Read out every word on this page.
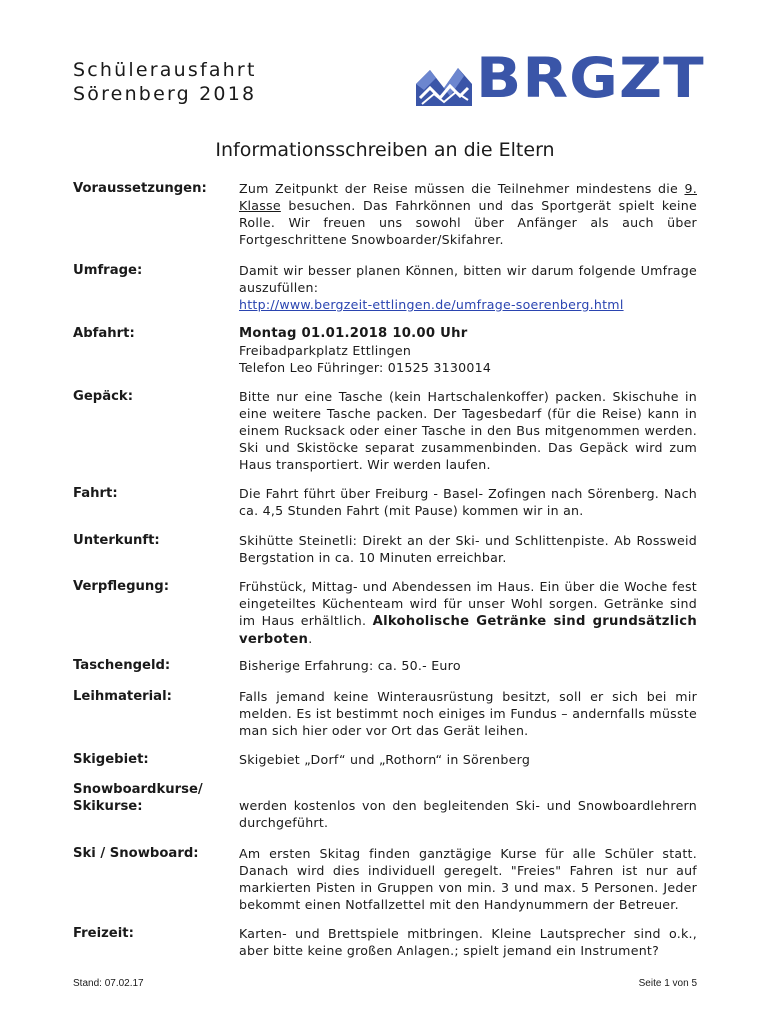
Schülerausfahrt
Sörenberg 2018	BRGZT
Informationsschreiben an die Eltern
Voraussetzungen:	Zum Zeitpunkt der Reise müssen die Teilnehmer mindestens die 9. Klasse besuchen. Das Fahrkönnen und das Sportgerät spielt keine Rolle. Wir freuen uns sowohl über Anfänger als auch über Fortgeschrittene Snowboarder/Skifahrer.

Umfrage:	Damit wir besser planen Können, bitten wir darum folgende Umfrage auszufüllen:

http://www.bergzeit-ettlingen.de/umfrage-soerenberg.html

Abfahrt:	Montag 01.01.2018 10.00 Uhr

Freibadparkplatz Ettlingen

Telefon Leo Führinger: 01525 3130014

Gepäck:	Bitte nur eine Tasche (kein Hartschalenkoffer) packen. Skischuhe in eine weitere Tasche packen. Der Tagesbedarf (für die Reise) kann in einem Rucksack oder einer Tasche in den Bus mitgenommen werden. Ski und Skistöcke separat zusammenbinden. Das Gepäck wird zum Haus transportiert. Wir werden laufen.

Fahrt:	Die Fahrt führt über Freiburg - Basel- Zofingen nach Sörenberg. Nach ca. 4,5 Stunden Fahrt (mit Pause) kommen wir in an.

Unterkunft:	Skihütte Steinetli: Direkt an der Ski- und Schlittenpiste. Ab Rossweid Bergstation in ca. 10 Minuten erreichbar.

Verpflegung:	Frühstück, Mittag- und Abendessen im Haus. Ein über die Woche fest eingeteiltes Küchenteam wird für unser Wohl sorgen. Getränke sind im Haus erhältlich. Alkoholische Getränke sind grundsätzlich verboten.

Taschengeld:	Bisherige Erfahrung: ca. 50.- Euro

Leihmaterial:	Falls jemand keine Winterausrüstung besitzt, soll er sich bei mir melden. Es ist bestimmt noch einiges im Fundus – andernfalls müsste man sich hier oder vor Ort das Gerät leihen.

Skigebiet:	Skigebiet „Dorf“ und „Rothorn“ in Sörenberg

Snowboardkurse/
Skikurse:	werden kostenlos von den begleitenden Ski- und Snowboardlehrern durchgeführt.

Ski / Snowboard:	Am ersten Skitag finden ganztägige Kurse für alle Schüler statt. Danach wird dies individuell geregelt. "Freies" Fahren ist nur auf markierten Pisten in Gruppen von min. 3 und max. 5 Personen. Jeder bekommt einen Notfallzettel mit den Handynummern der Betreuer.

Freizeit:	Karten- und Brettspiele mitbringen. Kleine Lautsprecher sind o.k., aber bitte keine großen Anlagen.; spielt jemand ein Instrument?

Stand: 07.02.17	Seite 1 von 5
